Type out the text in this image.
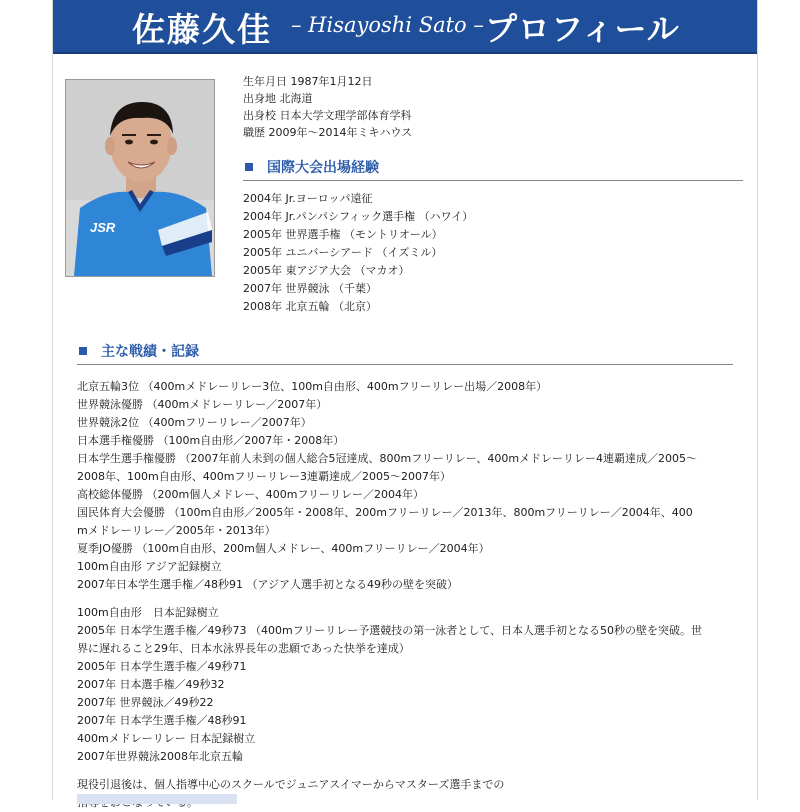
佐藤久佳 – Hisayoshi Sato – プロフィール
JSR
生年月日 1987年1月12日
出身地 北海道
出身校 日本大学文理学部体育学科
職歴 2009年～2014年ミキハウス
国際大会出場経験
2004年 Jr.ヨーロッパ遠征
2004年 Jr.パンパシフィック選手権 （ハワイ）
2005年 世界選手権 （モントリオール）
2005年 ユニバーシアード （イズミル）
2005年 東アジア大会 （マカオ）
2007年 世界競泳 （千葉）
2008年 北京五輪 （北京）
主な戦績・記録
北京五輪3位 （400mメドレーリレー3位、100m自由形、400mフリーリレー出場／2008年）
世界競泳優勝 （400mメドレーリレー／2007年）
世界競泳2位 （400mフリーリレー／2007年）
日本選手権優勝 （100m自由形／2007年・2008年）
日本学生選手権優勝 （2007年前人未到の個人総合5冠達成、800mフリーリレー、400mメドレーリレー4連覇達成／2005～
2008年、100m自由形、400mフリーリレー3連覇達成／2005～2007年）
高校総体優勝 （200m個人メドレー、400mフリーリレー／2004年）
国民体育大会優勝 （100m自由形／2005年・2008年、200mフリーリレー／2013年、800mフリーリレー／2004年、400
mメドレーリレー／2005年・2013年）
夏季JO優勝 （100m自由形、200m個人メドレー、400mフリーリレー／2004年）
100m自由形 アジア記録樹立
2007年日本学生選手権／48秒91 （アジア人選手初となる49秒の壁を突破）
100m自由形　日本記録樹立
2005年 日本学生選手権／49秒73 （400mフリーリレー予選競技の第一泳者として、日本人選手初となる50秒の壁を突破。世
界に遅れること29年、日本水泳界長年の悲願であった快挙を達成）
2005年 日本学生選手権／49秒71
2007年 日本選手権／49秒32
2007年 世界競泳／49秒22
2007年 日本学生選手権／48秒91
400mメドレーリレー 日本記録樹立
2007年世界競泳2008年北京五輪
現役引退後は、個人指導中心のスクールでジュニアスイマーからマスターズ選手までの
